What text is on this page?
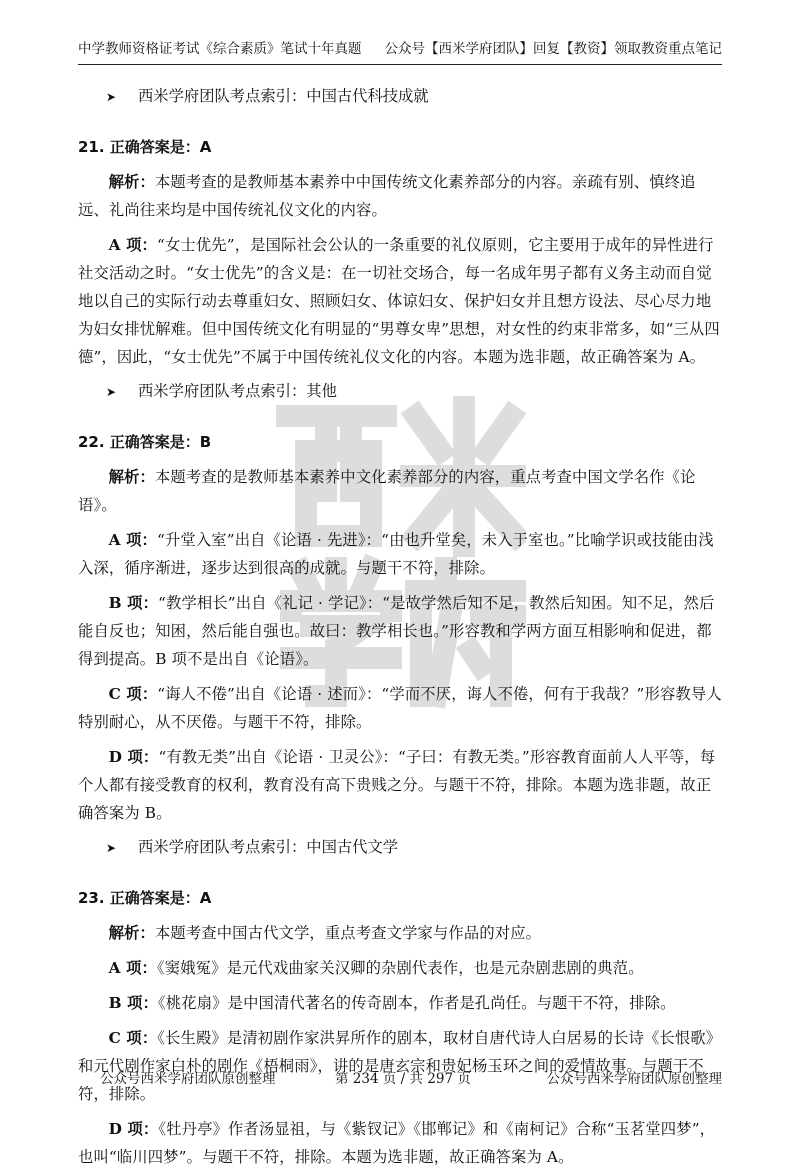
中学教师资格证考试《综合素质》笔试十年真题 公众号【西米学府团队】回复【教资】领取教资重点笔记

➤ 西米学府团队考点索引：中国古代科技成就

21. 正确答案是：A

解析：本题考查的是教师基本素养中中国传统文化素养部分的内容。亲疏有别、慎终追远、礼尚往来均是中国传统礼仪文化的内容。

A 项：“女士优先”，是国际社会公认的一条重要的礼仪原则，它主要用于成年的异性进行社交活动之时。“女士优先”的含义是：在一切社交场合，每一名成年男子都有义务主动而自觉地以自己的实际行动去尊重妇女、照顾妇女、体谅妇女、保护妇女并且想方设法、尽心尽力地为妇女排忧解难。但中国传统文化有明显的“男尊女卑”思想，对女性的约束非常多，如“三从四德”，因此，“女士优先”不属于中国传统礼仪文化的内容。本题为选非题，故正确答案为 A。

➤ 西米学府团队考点索引：其他

22. 正确答案是：B

解析：本题考查的是教师基本素养中文化素养部分的内容，重点考查中国文学名作《论语》。

A 项：“升堂入室”出自《论语 · 先进》：“由也升堂矣，未入于室也。”比喻学识或技能由浅入深，循序渐进，逐步达到很高的成就。与题干不符，排除。

B 项：“教学相长”出自《礼记 · 学记》：“是故学然后知不足，教然后知困。知不足，然后能自反也；知困，然后能自强也。故曰：教学相长也。”形容教和学两方面互相影响和促进，都得到提高。B 项不是出自《论语》。

C 项：“诲人不倦”出自《论语 · 述而》：“学而不厌，诲人不倦，何有于我哉？”形容教导人特别耐心，从不厌倦。与题干不符，排除。

D 项：“有教无类”出自《论语 · 卫灵公》：“子曰：有教无类。”形容教育面前人人平等，每个人都有接受教育的权利，教育没有高下贵贱之分。与题干不符，排除。本题为选非题，故正确答案为 B。

➤ 西米学府团队考点索引：中国古代文学

23. 正确答案是：A

解析：本题考查中国古代文学，重点考查文学家与作品的对应。

A 项：《窦娥冤》是元代戏曲家关汉卿的杂剧代表作，也是元杂剧悲剧的典范。

B 项：《桃花扇》是中国清代著名的传奇剧本，作者是孔尚任。与题干不符，排除。

C 项：《长生殿》是清初剧作家洪昇所作的剧本，取材自唐代诗人白居易的长诗《长恨歌》和元代剧作家白朴的剧作《梧桐雨》，讲的是唐玄宗和贵妃杨玉环之间的爱情故事。与题干不符，排除。

D 项：《牡丹亭》作者汤显祖，与《紫钗记》《邯郸记》和《南柯记》合称“玉茗堂四梦”，也叫“临川四梦”。与题干不符，排除。本题为选非题，故正确答案为 A。

公众号西米学府团队原创整理	第 234 页 / 共 297 页	公众号西米学府团队原创整理
